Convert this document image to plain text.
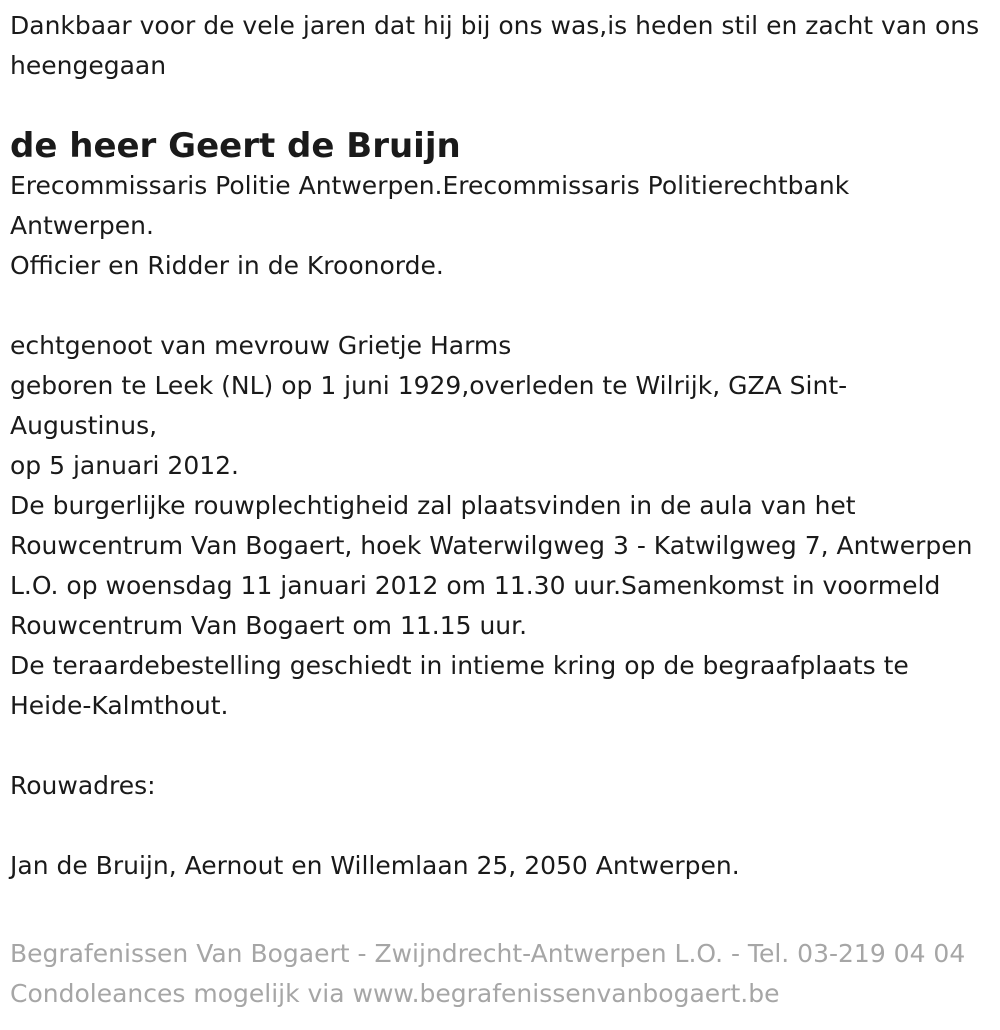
Dankbaar voor de vele jaren dat hij bij ons was,is heden stil en zacht van ons heengegaan

de heer Geert de Bruijn

Erecommissaris Politie Antwerpen.Erecommissaris Politierechtbank Antwerpen.
Officier en Ridder in de Kroonorde.
echtgenoot van mevrouw Grietje Harms
geboren te Leek (NL) op 1 juni 1929,overleden te Wilrijk, GZA Sint-Augustinus,
op 5 januari 2012.
De burgerlijke rouwplechtigheid zal plaatsvinden in de aula van het Rouwcentrum Van Bogaert, hoek Waterwilgweg 3 - Katwilgweg 7, Antwerpen L.O. op woensdag 11 januari 2012 om 11.30 uur.Samenkomst in voormeld Rouwcentrum Van Bogaert om 11.15 uur.
De teraardebestelling geschiedt in intieme kring op de begraafplaats te Heide-Kalmthout.

Rouwadres:

Jan de Bruijn, Aernout en Willemlaan 25, 2050 Antwerpen.

Begrafenissen Van Bogaert - Zwijndrecht-Antwerpen L.O. - Tel. 03-219 04 04 Condoleances mogelijk via www.begrafenissenvanbogaert.be
